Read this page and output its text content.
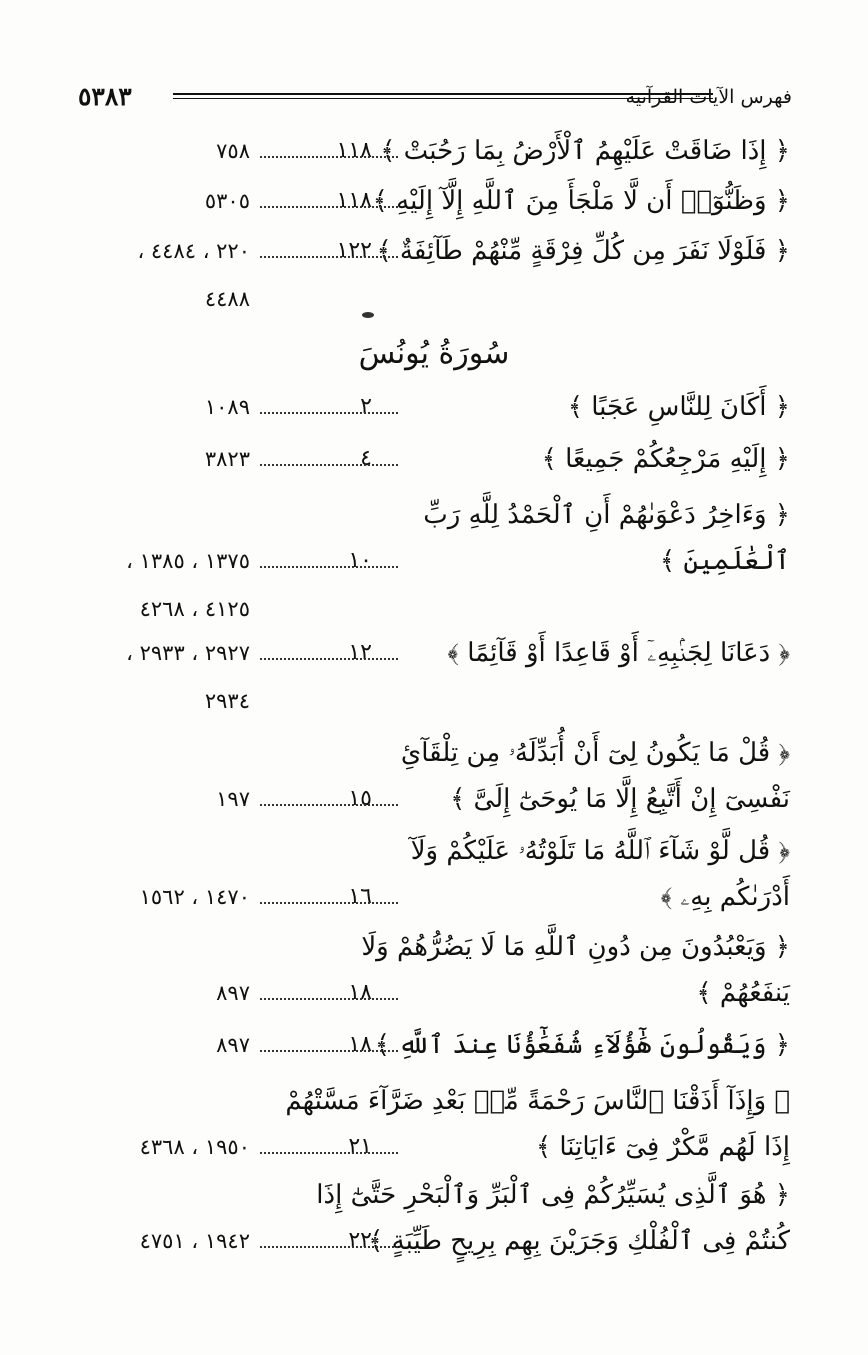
٥٣٨٣	فهرس الآيات القرآنية
سُورَةُ يُونُسَ
﴿ إِذَا ضَاقَتْ عَلَيْهِمُ ٱلْأَرْضُ بِمَا رَحُبَتْ ﴾
١١٨
٧٥٨
﴿ وَظَنُّوٓا۟ أَن لَّا مَلْجَأَ مِنَ ٱللَّهِ إِلَّآ إِلَيْهِ ﴾
١١٨
٥٣٠٥
﴿ فَلَوْلَا نَفَرَ مِن كُلِّ فِرْقَةٍ مِّنْهُمْ طَآئِفَةٌ ﴾
١٢٢
٢٢٠ ، ٤٤٨٤ ،
٤٤٨٨
﴿ أَكَانَ لِلنَّاسِ عَجَبًا ﴾
٢
١٠٨٩
﴿ إِلَيْهِ مَرْجِعُكُمْ جَمِيعًا ﴾
٤
٣٨٢٣
﴿ وَءَاخِرُ دَعْوَىٰهُمْ أَنِ ٱلْحَمْدُ لِلَّهِ رَبِّ
ٱلْعَٰلَمِينَ ﴾
١٠
١٣٧٥ ، ١٣٨٥ ،
٤١٢٥ ، ٤٢٦٨
﴿ دَعَانَا لِجَنۢبِهِۦٓ أَوْ قَاعِدًا أَوْ قَآئِمًا ﴾
١٢
٢٩٢٧ ، ٢٩٣٣ ،
٢٩٣٤
﴿ قُلْ مَا يَكُونُ لِىٓ أَنْ أُبَدِّلَهُۥ مِن تِلْقَآئِ
نَفْسِىٓ إِنْ أَتَّبِعُ إِلَّا مَا يُوحَىٰٓ إِلَىَّ ﴾
١٥
١٩٧
﴿ قُل لَّوْ شَآءَ ٱللَّهُ مَا تَلَوْتُهُۥ عَلَيْكُمْ وَلَآ
أَدْرَىٰكُم بِهِۦ ﴾
١٦
١٤٧٠ ، ١٥٦٢
﴿ وَيَعْبُدُونَ مِن دُونِ ٱللَّهِ مَا لَا يَضُرُّهُمْ وَلَا
يَنفَعُهُمْ ﴾
١٨
٨٩٧
﴿ وَيَقُولُونَ هَٰٓؤُلَآءِ شُفَعَٰٓؤُنَا عِندَ ٱللَّهِ ﴾
١٨
٨٩٧
﴿ وَإِذَآ أَذَقْنَا ٱلنَّاسَ رَحْمَةً مِّنۢ بَعْدِ ضَرَّآءَ مَسَّتْهُمْ
إِذَا لَهُم مَّكْرٌ فِىٓ ءَايَاتِنَا ﴾
٢١
١٩٥٠ ، ٤٣٦٨
﴿ هُوَ ٱلَّذِى يُسَيِّرُكُمْ فِى ٱلْبَرِّ وَٱلْبَحْرِ حَتَّىٰٓ إِذَا
كُنتُمْ فِى ٱلْفُلْكِ وَجَرَيْنَ بِهِم بِرِيحٍ طَيِّبَةٍ ﴾
٢٢
١٩٤٢ ، ٤٧٥١
